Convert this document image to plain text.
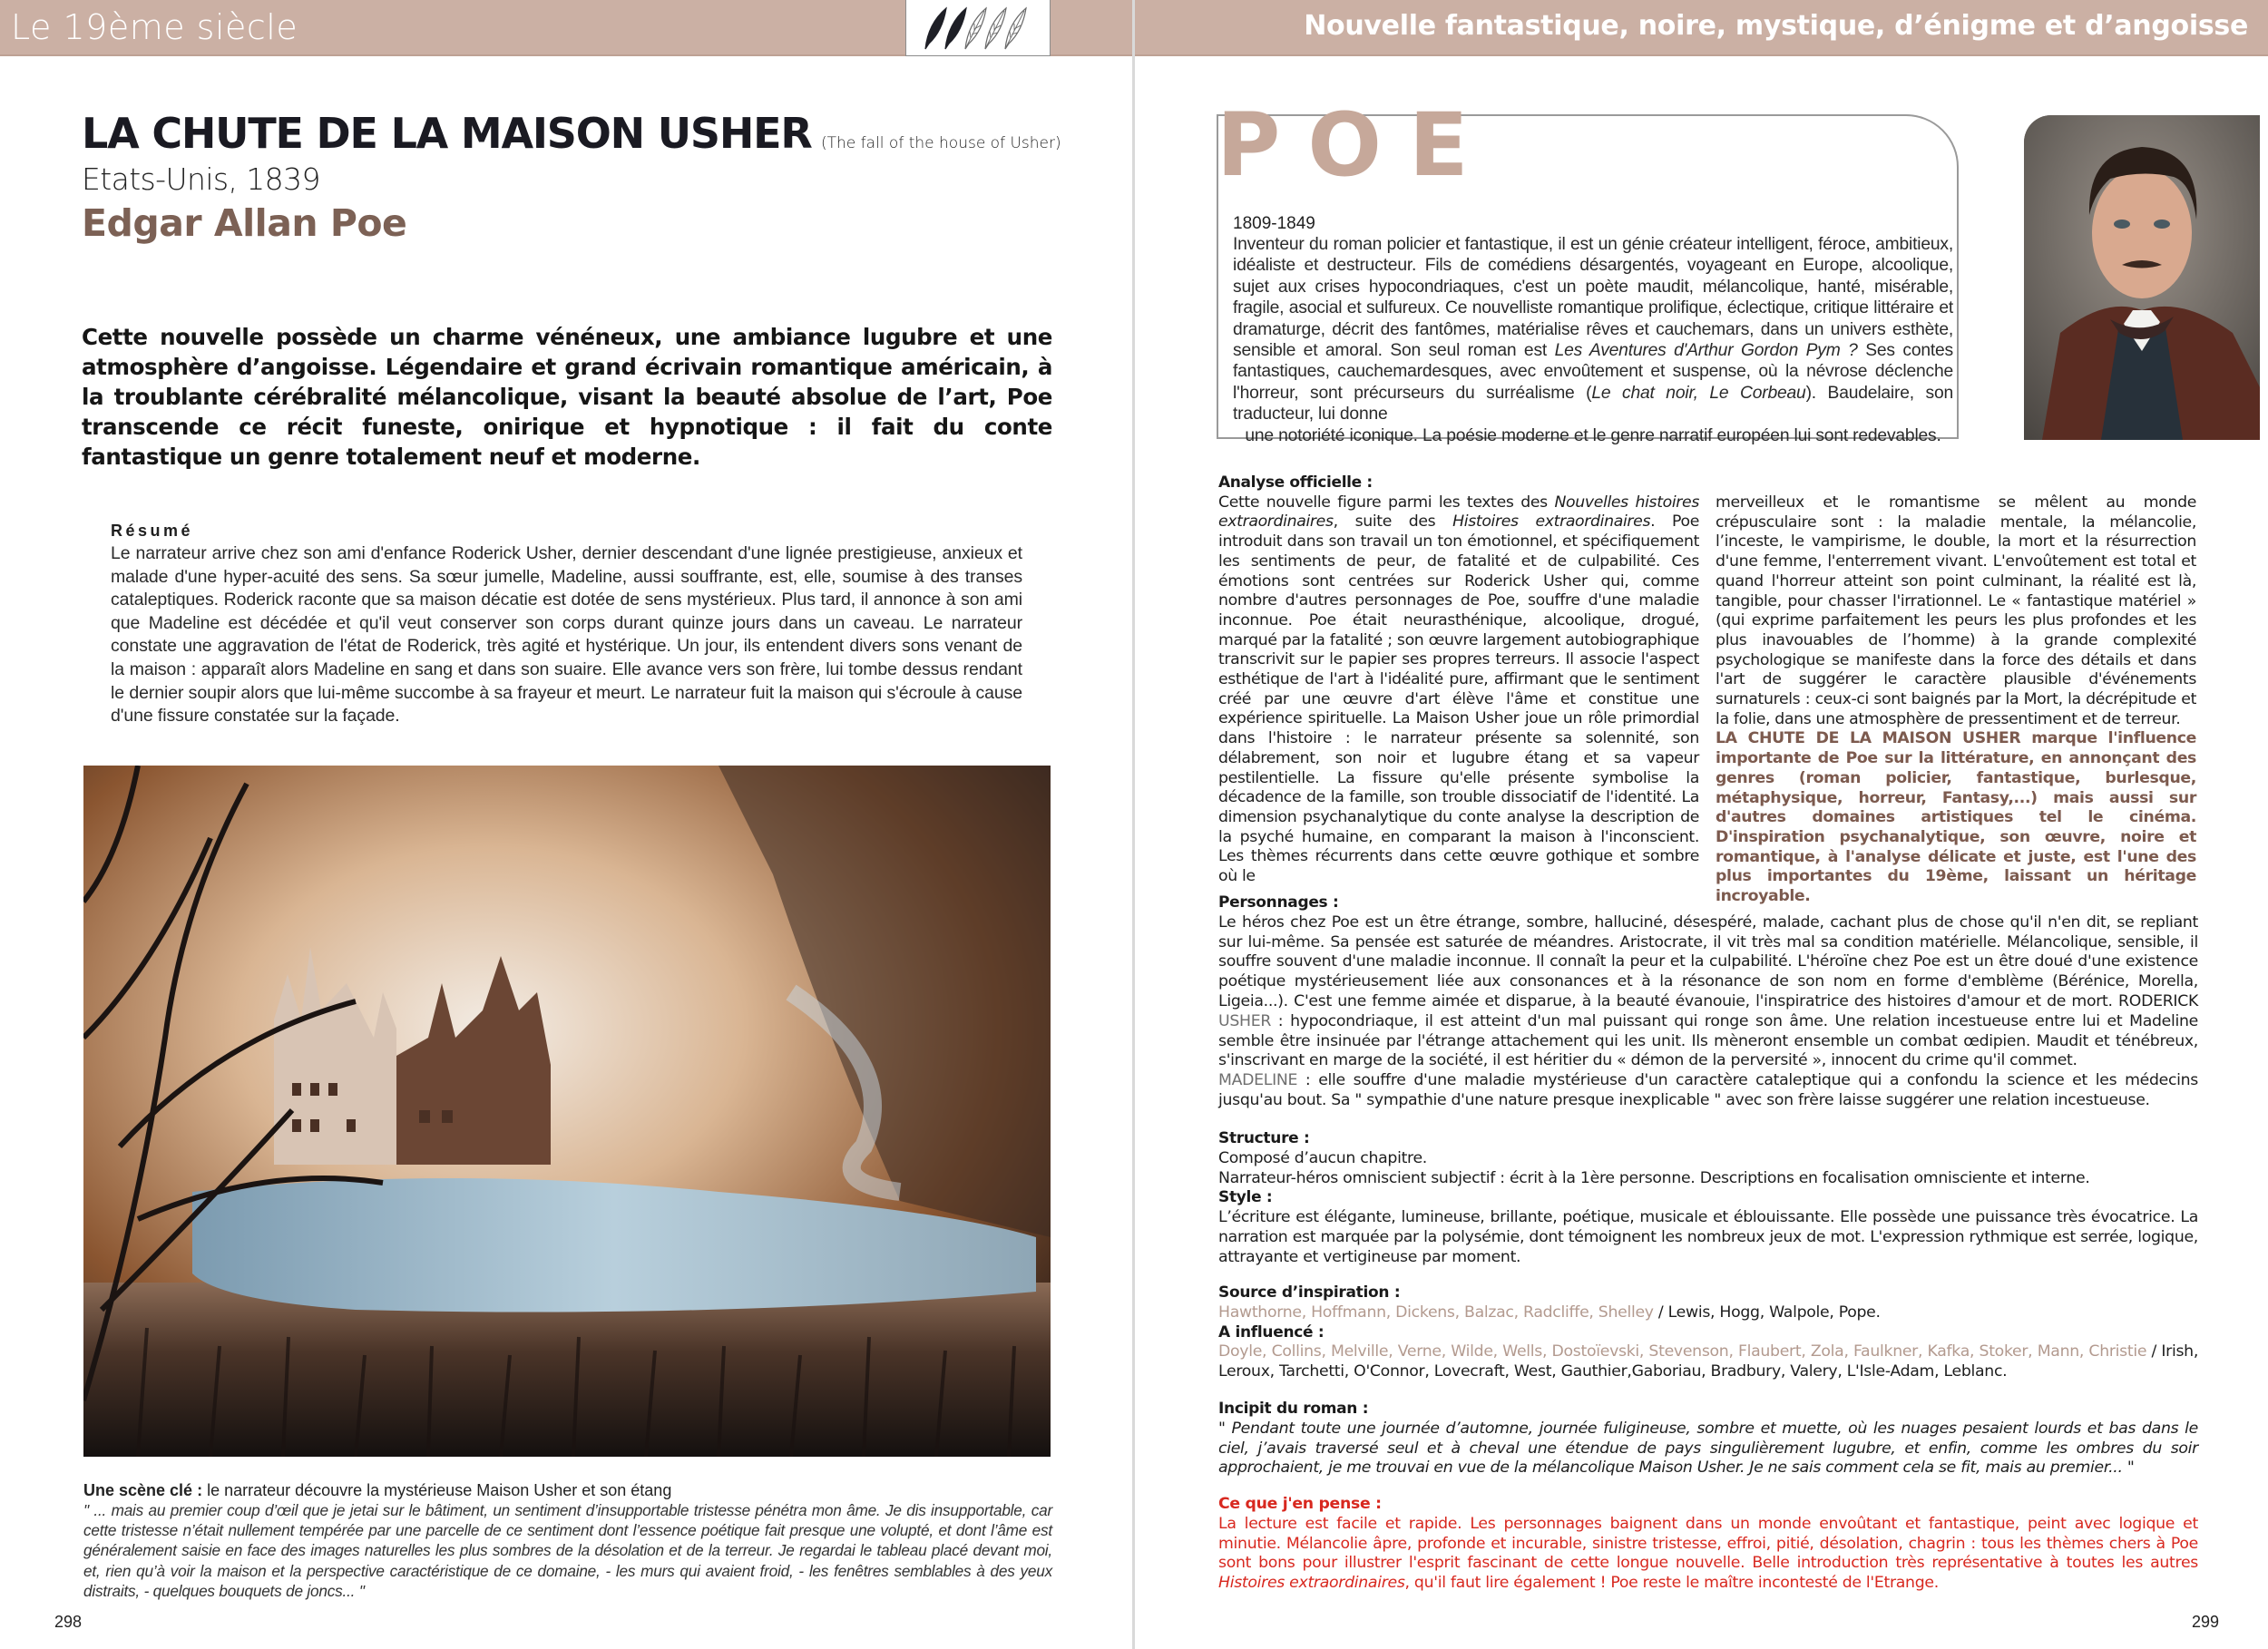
Le 19ème siècle
LA CHUTE DE LA MAISON USHER (The fall of the house of Usher)
Etats-Unis, 1839
Edgar Allan Poe

Cette nouvelle possède un charme vénéneux, une ambiance lugubre et une atmosphère d’angoisse. Légendaire et grand écrivain romantique américain, à la troublante cérébralité mélancolique, visant la beauté absolue de l’art, Poe transcende ce récit funeste, onirique et hypnotique : il fait du conte fantastique un genre totalement neuf et moderne.

Résumé

Le narrateur arrive chez son ami d'enfance Roderick Usher, dernier descendant d'une lignée prestigieuse, anxieux et malade d'une hyper-acuité des sens. Sa sœur jumelle, Madeline, aussi souffrante, est, elle, soumise à des transes cataleptiques. Roderick raconte que sa maison décatie est dotée de sens mystérieux. Plus tard, il annonce à son ami que Madeline est décédée et qu'il veut conserver son corps durant quinze jours dans un caveau. Le narrateur constate une aggravation de l'état de Roderick, très agité et hystérique. Un jour, ils entendent divers sons venant de la maison : apparaît alors Madeline en sang et dans son suaire. Elle avance vers son frère, lui tombe dessus rendant le dernier soupir alors que lui-même succombe à sa frayeur et meurt. Le narrateur fuit la maison qui s'écroule à cause d'une fissure constatée sur la façade.

Une scène clé : le narrateur découvre la mystérieuse Maison Usher et son étang

" ... mais au premier coup d’œil que je jetai sur le bâtiment, un sentiment d’insupportable tristesse pénétra mon âme. Je dis insupportable, car cette tristesse n’était nullement tempérée par une parcelle de ce sentiment dont l’essence poétique fait presque une volupté, et dont l’âme est généralement saisie en face des images naturelles les plus sombres de la désolation et de la terreur. Je regardai le tableau placé devant moi, et, rien qu’à voir la maison et la perspective caractéristique de ce domaine, - les murs qui avaient froid, - les fenêtres semblables à des yeux distraits, - quelques bouquets de joncs... "

298
Nouvelle fantastique, noire, mystique, d’énigme et d’angoisse
POE
1809-1849

Inventeur du roman policier et fantastique, il est un génie créateur intelligent, féroce, ambitieux, idéaliste et destructeur. Fils de comédiens désargentés, voyageant en Europe, alcoolique, sujet aux crises hypocondriaques, c'est un poète maudit, mélancolique, hanté, misérable, fragile, asocial et sulfureux. Ce nouvelliste romantique prolifique, éclectique, critique littéraire et dramaturge, décrit des fantômes, matérialise rêves et cauchemars, dans un univers esthète, sensible et amoral. Son seul roman est Les Aventures d'Arthur Gordon Pym ? Ses contes fantastiques, cauchemardesques, avec envoûtement et suspense, où la névrose déclenche l'horreur, sont précurseurs du surréalisme (Le chat noir, Le Corbeau). Baudelaire, son traducteur, lui donne
une notoriété iconique. La poésie moderne et le genre narratif européen lui sont redevables.

Analyse officielle :
Cette nouvelle figure parmi les textes des Nouvelles histoires extraordinaires, suite des Histoires extraordinaires. Poe introduit dans son travail un ton émotionnel, et spécifiquement les sentiments de peur, de fatalité et de culpabilité. Ces émotions sont centrées sur Roderick Usher qui, comme nombre d'autres personnages de Poe, souffre d'une maladie inconnue. Poe était neurasthénique, alcoolique, drogué, marqué par la fatalité ; son œuvre largement autobiographique transcrivit sur le papier ses propres terreurs. Il associe l'aspect esthétique de l'art à l'idéalité pure, affirmant que le sentiment créé par une œuvre d'art élève l'âme et constitue une expérience spirituelle. La Maison Usher joue un rôle primordial dans l'histoire : le narrateur présente sa solennité, son délabrement, son noir et lugubre étang et sa vapeur pestilentielle. La fissure qu'elle présente symbolise la décadence de la famille, son trouble dissociatif de l'identité. La dimension psychanalytique du conte analyse la description de la psyché humaine, en comparant la maison à l'inconscient. Les thèmes récurrents dans cette œuvre gothique et sombre où le
merveilleux et le romantisme se mêlent au monde crépusculaire sont : la maladie mentale, la mélancolie, l’inceste, le vampirisme, le double, la mort et la résurrection d'une femme, l'enterrement vivant. L'envoûtement est total et quand l'horreur atteint son point culminant, la réalité est là, tangible, pour chasser l'irrationnel. Le « fantastique matériel » (qui exprime parfaitement les peurs les plus profondes et les plus inavouables de l’homme) à la grande complexité psychologique se manifeste dans la force des détails et dans l'art de suggérer le caractère plausible d'événements surnaturels : ceux-ci sont baignés par la Mort, la décrépitude et la folie, dans une atmosphère de pressentiment et de terreur.
LA CHUTE DE LA MAISON USHER marque l'influence importante de Poe sur la littérature, en annonçant des genres (roman policier, fantastique, burlesque, métaphysique, horreur, Fantasy,...) mais aussi sur d'autres domaines artistiques tel le cinéma. D'inspiration psychanalytique, son œuvre, noire et romantique, à l'analyse délicate et juste, est l'une des plus importantes du 19ème, laissant un héritage incroyable.
Personnages :
Le héros chez Poe est un être étrange, sombre, halluciné, désespéré, malade, cachant plus de chose qu'il n'en dit, se repliant sur lui-même. Sa pensée est saturée de méandres. Aristocrate, il vit très mal sa condition matérielle. Mélancolique, sensible, il souffre souvent d'une maladie inconnue. Il connaît la peur et la culpabilité. L'héroïne chez Poe est un être doué d'une existence poétique mystérieusement liée aux consonances et à la résonance de son nom en forme d'emblème (Bérénice, Morella, Ligeia...). C'est une femme aimée et disparue, à la beauté évanouie, l'inspiratrice des histoires d'amour et de mort. RODERICK USHER : hypocondriaque, il est atteint d'un mal puissant qui ronge son âme. Une relation incestueuse entre lui et Madeline semble être insinuée par l'étrange attachement qui les unit. Ils mèneront ensemble un combat œdipien. Maudit et ténébreux, s'inscrivant en marge de la société, il est héritier du « démon de la perversité », innocent du crime qu'il commet.
MADELINE : elle souffre d'une maladie mystérieuse d'un caractère cataleptique qui a confondu la science et les médecins jusqu'au bout. Sa " sympathie d'une nature presque inexplicable " avec son frère laisse suggérer une relation incestueuse.
Structure :
Composé d’aucun chapitre.
Narrateur-héros omniscient subjectif : écrit à la 1ère personne. Descriptions en focalisation omnisciente et interne.
Style :
L’écriture est élégante, lumineuse, brillante, poétique, musicale et éblouissante. Elle possède une puissance très évocatrice. La narration est marquée par la polysémie, dont témoignent les nombreux jeux de mot. L'expression rythmique est serrée, logique, attrayante et vertigineuse par moment.
Source d’inspiration :
Hawthorne, Hoffmann, Dickens, Balzac, Radcliffe, Shelley / Lewis, Hogg, Walpole, Pope.
A influencé :
Doyle, Collins, Melville, Verne, Wilde, Wells, Dostoïevski, Stevenson, Flaubert, Zola, Faulkner, Kafka, Stoker, Mann, Christie / Irish, Leroux, Tarchetti, O'Connor, Lovecraft, West, Gauthier,Gaboriau, Bradbury, Valery, L'Isle-Adam, Leblanc.
Incipit du roman :
" Pendant toute une journée d’automne, journée fuligineuse, sombre et muette, où les nuages pesaient lourds et bas dans le ciel, j’avais traversé seul et à cheval une étendue de pays singulièrement lugubre, et enfin, comme les ombres du soir approchaient, je me trouvai en vue de la mélancolique Maison Usher. Je ne sais comment cela se fit, mais au premier... "
Ce que j'en pense :
La lecture est facile et rapide. Les personnages baignent dans un monde envoûtant et fantastique, peint avec logique et minutie. Mélancolie âpre, profonde et incurable, sinistre tristesse, effroi, pitié, désolation, chagrin : tous les thèmes chers à Poe sont bons pour illustrer l'esprit fascinant de cette longue nouvelle. Belle introduction très représentative à toutes les autres Histoires extraordinaires, qu'il faut lire également ! Poe reste le maître incontesté de l'Etrange.
299
